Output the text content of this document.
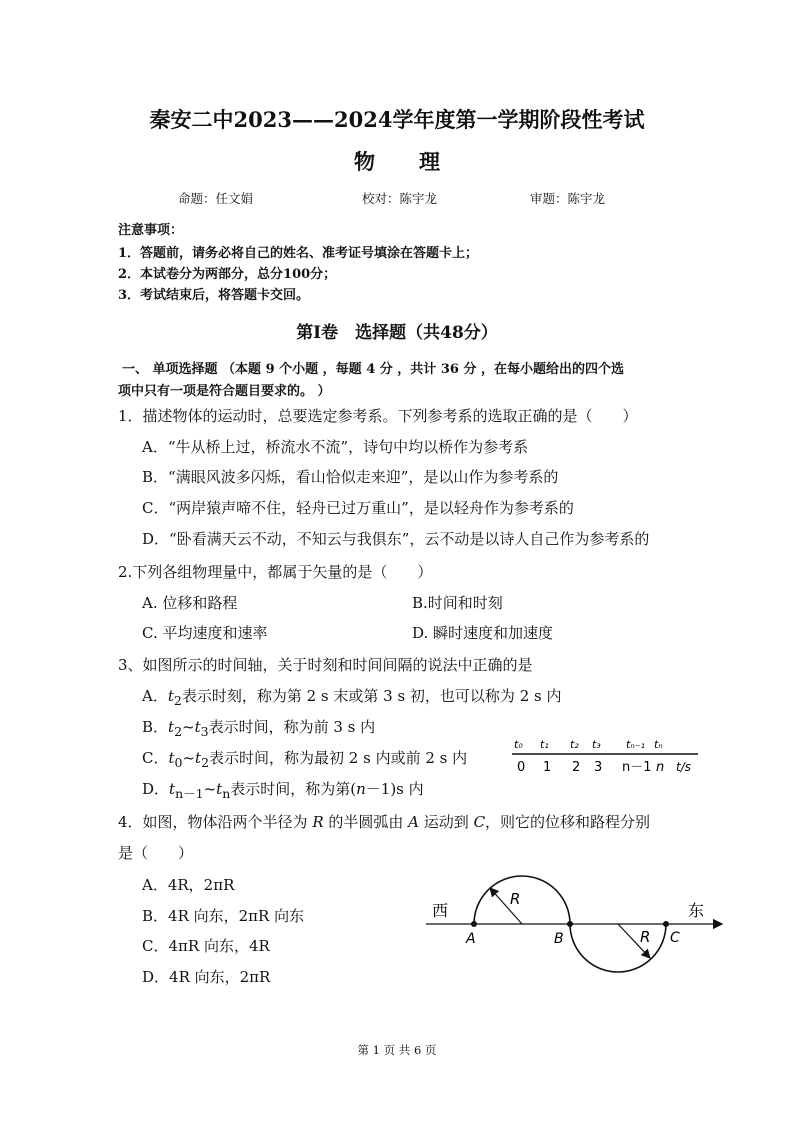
秦安二中2023——2024学年度第一学期阶段性考试
物理
命题：任文娟	校对：陈宇龙	审题：陈宇龙
注意事项：
1．答题前，请务必将自己的姓名、准考证号填涂在答题卡上；
2．本试卷分为两部分，总分100分；
3．考试结束后，将答题卡交回。
第Ⅰ卷　选择题（共48分）
一、 单项选择题 （本题 9 个小题 ，每题 4 分 ，共计 36 分 ，在每小题给出的四个选
项中只有一项是符合题目要求的。 ）
1．描述物体的运动时，总要选定参考系。下列参考系的选取正确的是（　　）
A．“牛从桥上过，桥流水不流”，诗句中均以桥作为参考系
B．“满眼风波多闪烁，看山恰似走来迎”，是以山作为参考系的
C．“两岸猿声啼不住，轻舟已过万重山”，是以轻舟作为参考系的
D．“卧看满天云不动，不知云与我俱东”，云不动是以诗人自己作为参考系的
2.下列各组物理量中，都属于矢量的是（　　）
A. 位移和路程	B.时间和时刻
C. 平均速度和速率	D. 瞬时速度和加速度
3、如图所示的时间轴，关于时刻和时间间隔的说法中正确的是
A．$t_2$表示时刻，称为第 2 s 末或第 3 s 初，也可以称为 2 s 内
B．$t_2\sim t_3$表示时间，称为前 3 s 内
C．$t_0\sim t_2$表示时间，称为最初 2 s 内或前 2 s 内
D．$t_{n-1}\sim t_n$表示时间，称为第(n－1)s 内
t₀ t₁ t₂ t₃ tₙ₋₁ tₙ
0 1 2 3 n－1 n t/s
4．如图，物体沿两个半径为 R 的半圆弧由 A 运动到 C，则它的位移和路程分别
是（　　）
A．4R，2πR
B．4R 向东，2πR 向东
C．4πR 向东，4R
D．4R 向东，2πR
西	东
A	B	C
R
R
第 1 页 共 6 页
